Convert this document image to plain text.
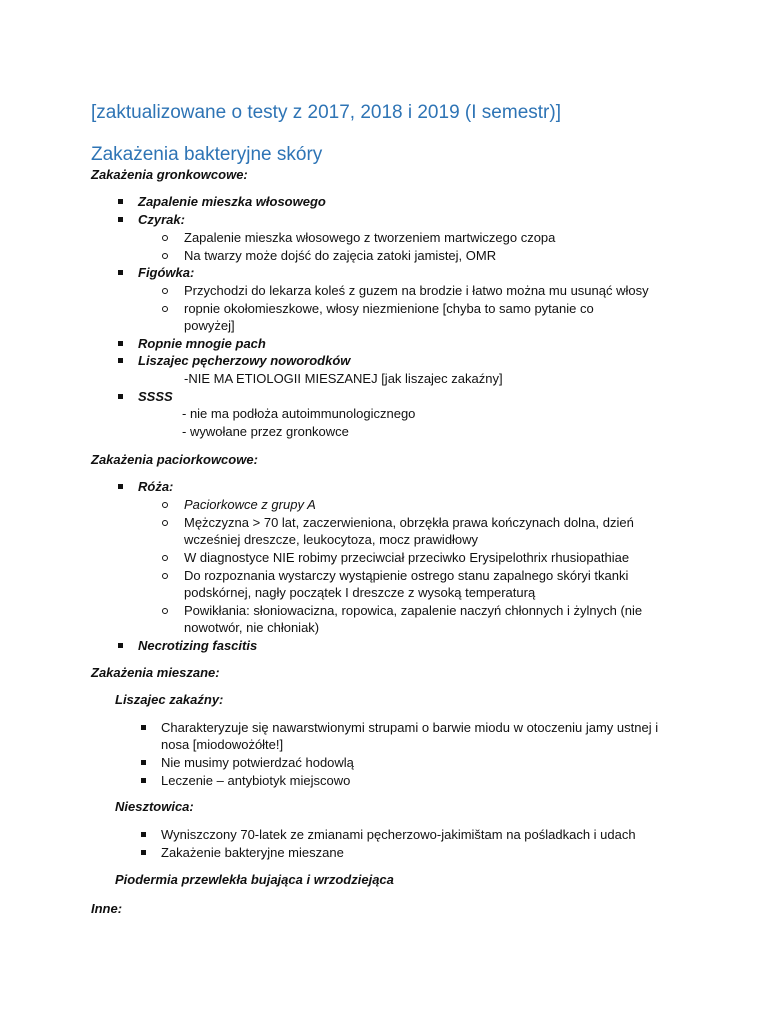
[zaktualizowane o testy z 2017, 2018 i 2019 (I semestr)]
Zakażenia bakteryjne skóry
Zakażenia gronkowcowe:
Zapalenie mieszka włosowego
Czyrak:
Zapalenie mieszka włosowego z tworzeniem martwiczego czopa
Na twarzy może dojść do zajęcia zatoki jamistej, OMR
Figówka:
Przychodzi do lekarza koleś z guzem na brodzie i łatwo można mu usunąć włosy
ropnie okołomieszkowe, włosy niezmienione [chyba to samo pytanie co
powyżej]
Ropnie mnogie pach
Liszajec pęcherzowy noworodków
-NIE MA ETIOLOGII MIESZANEJ [jak liszajec zakaźny]
SSSS
- nie ma podłoża autoimmunologicznego
- wywołane przez gronkowce
Zakażenia paciorkowcowe:
Róża:
Paciorkowce z grupy A
Mężczyzna > 70 lat, zaczerwieniona, obrzękła prawa kończynach dolna, dzień
wcześniej dreszcze, leukocytoza, mocz prawidłowy
W diagnostyce NIE robimy przeciwciał przeciwko Erysipelothrix rhusiopathiae
Do rozpoznania wystarczy wystąpienie ostrego stanu zapalnego skóryi tkanki
podskórnej, nagły początek I dreszcze z wysoką temperaturą
Powikłania: słoniowacizna, ropowica, zapalenie naczyń chłonnych i żylnych (nie
nowotwór, nie chłoniak)
Necrotizing fascitis
Zakażenia mieszane:
Liszajec zakaźny:
Charakteryzuje się nawarstwionymi strupami o barwie miodu w otoczeniu jamy ustnej i
nosa [miodowożółte!]
Nie musimy potwierdzać hodowlą
Leczenie – antybiotyk miejscowo
Niesztowica:
Wyniszczony 70-latek ze zmianami pęcherzowo-jakimištam na pośladkach i udach
Zakażenie bakteryjne mieszane
Piodermia przewlekła bujająca i wrzodziejąca
Inne:
